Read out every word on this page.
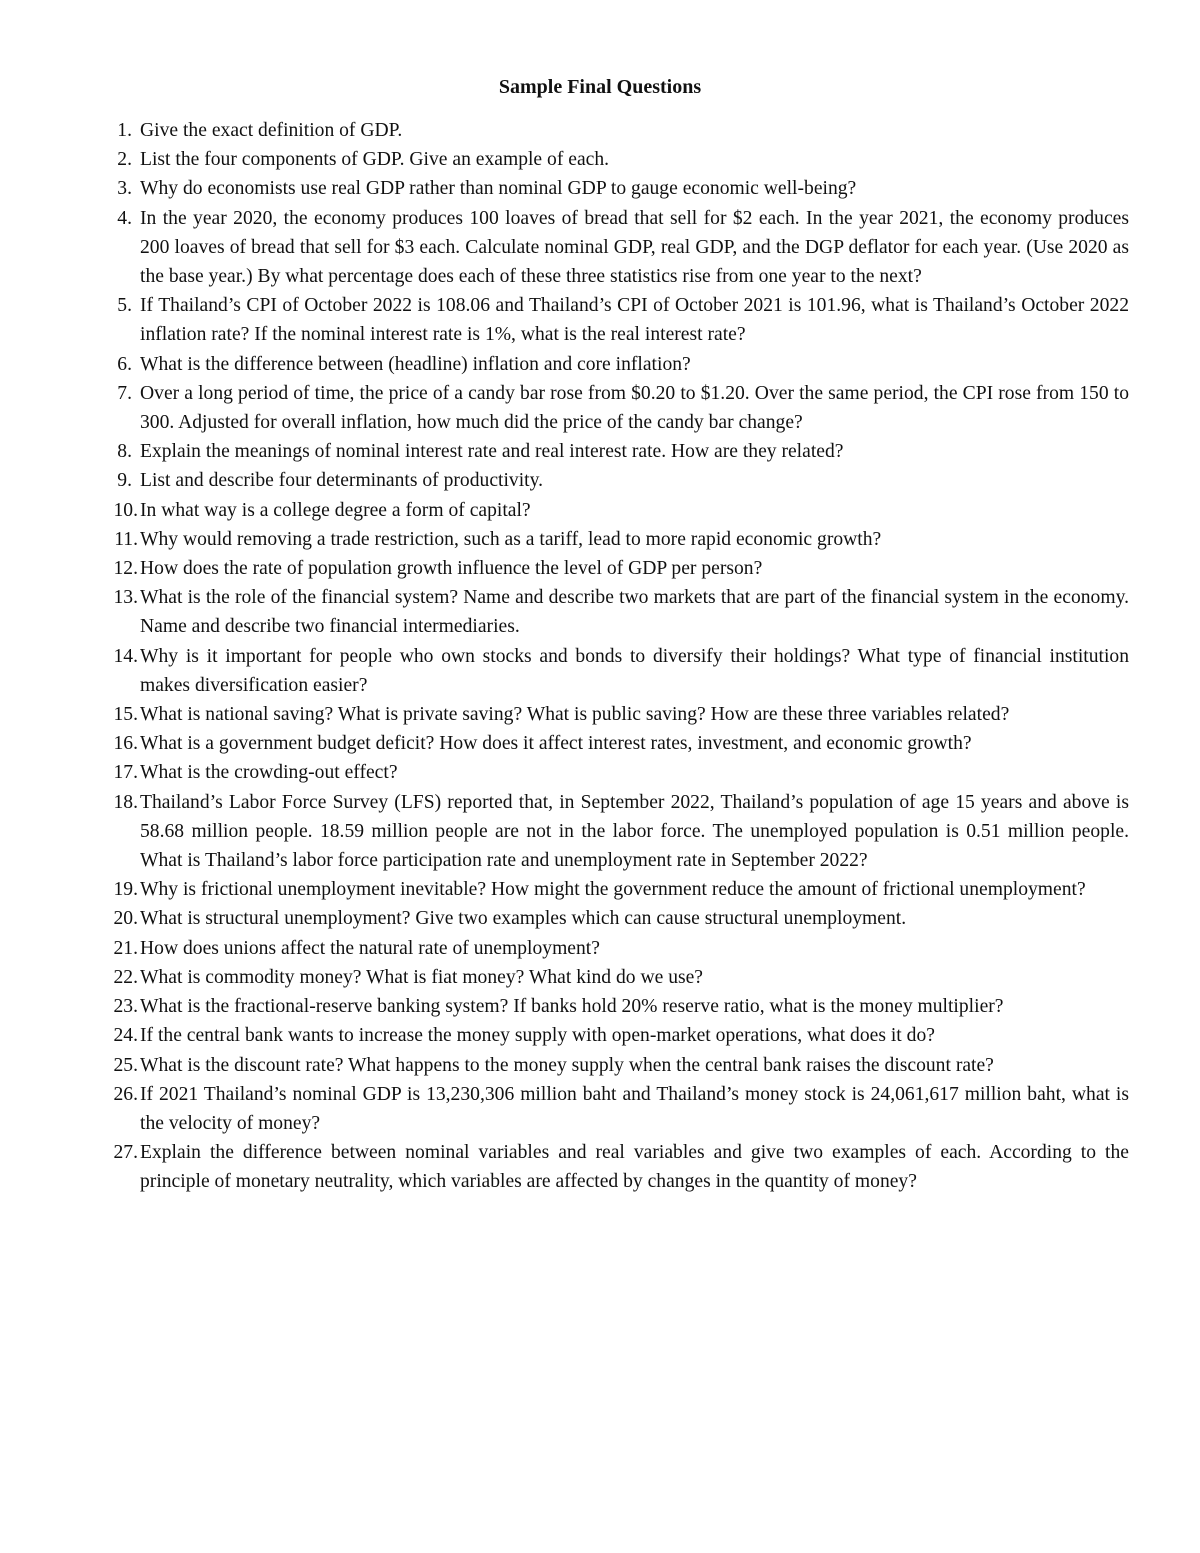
Sample Final Questions
1. Give the exact definition of GDP.
2. List the four components of GDP. Give an example of each.
3. Why do economists use real GDP rather than nominal GDP to gauge economic well-being?
4. In the year 2020, the economy produces 100 loaves of bread that sell for $2 each. In the year 2021, the economy produces 200 loaves of bread that sell for $3 each. Calculate nominal GDP, real GDP, and the DGP deflator for each year. (Use 2020 as the base year.) By what percentage does each of these three statistics rise from one year to the next?
5. If Thailand’s CPI of October 2022 is 108.06 and Thailand’s CPI of October 2021 is 101.96, what is Thailand’s October 2022 inflation rate? If the nominal interest rate is 1%, what is the real interest rate?
6. What is the difference between (headline) inflation and core inflation?
7. Over a long period of time, the price of a candy bar rose from $0.20 to $1.20. Over the same period, the CPI rose from 150 to 300. Adjusted for overall inflation, how much did the price of the candy bar change?
8. Explain the meanings of nominal interest rate and real interest rate. How are they related?
9. List and describe four determinants of productivity.
10. In what way is a college degree a form of capital?
11. Why would removing a trade restriction, such as a tariff, lead to more rapid economic growth?
12. How does the rate of population growth influence the level of GDP per person?
13. What is the role of the financial system? Name and describe two markets that are part of the financial system in the economy. Name and describe two financial intermediaries.
14. Why is it important for people who own stocks and bonds to diversify their holdings? What type of financial institution makes diversification easier?
15. What is national saving? What is private saving? What is public saving? How are these three variables related?
16. What is a government budget deficit? How does it affect interest rates, investment, and economic growth?
17. What is the crowding-out effect?
18. Thailand’s Labor Force Survey (LFS) reported that, in September 2022, Thailand’s population of age 15 years and above is 58.68 million people. 18.59 million people are not in the labor force. The unemployed population is 0.51 million people. What is Thailand’s labor force participation rate and unemployment rate in September 2022?
19. Why is frictional unemployment inevitable? How might the government reduce the amount of frictional unemployment?
20. What is structural unemployment? Give two examples which can cause structural unemployment.
21. How does unions affect the natural rate of unemployment?
22. What is commodity money? What is fiat money? What kind do we use?
23. What is the fractional-reserve banking system? If banks hold 20% reserve ratio, what is the money multiplier?
24. If the central bank wants to increase the money supply with open-market operations, what does it do?
25. What is the discount rate? What happens to the money supply when the central bank raises the discount rate?
26. If 2021 Thailand’s nominal GDP is 13,230,306 million baht and Thailand’s money stock is 24,061,617 million baht, what is the velocity of money?
27. Explain the difference between nominal variables and real variables and give two examples of each. According to the principle of monetary neutrality, which variables are affected by changes in the quantity of money?
